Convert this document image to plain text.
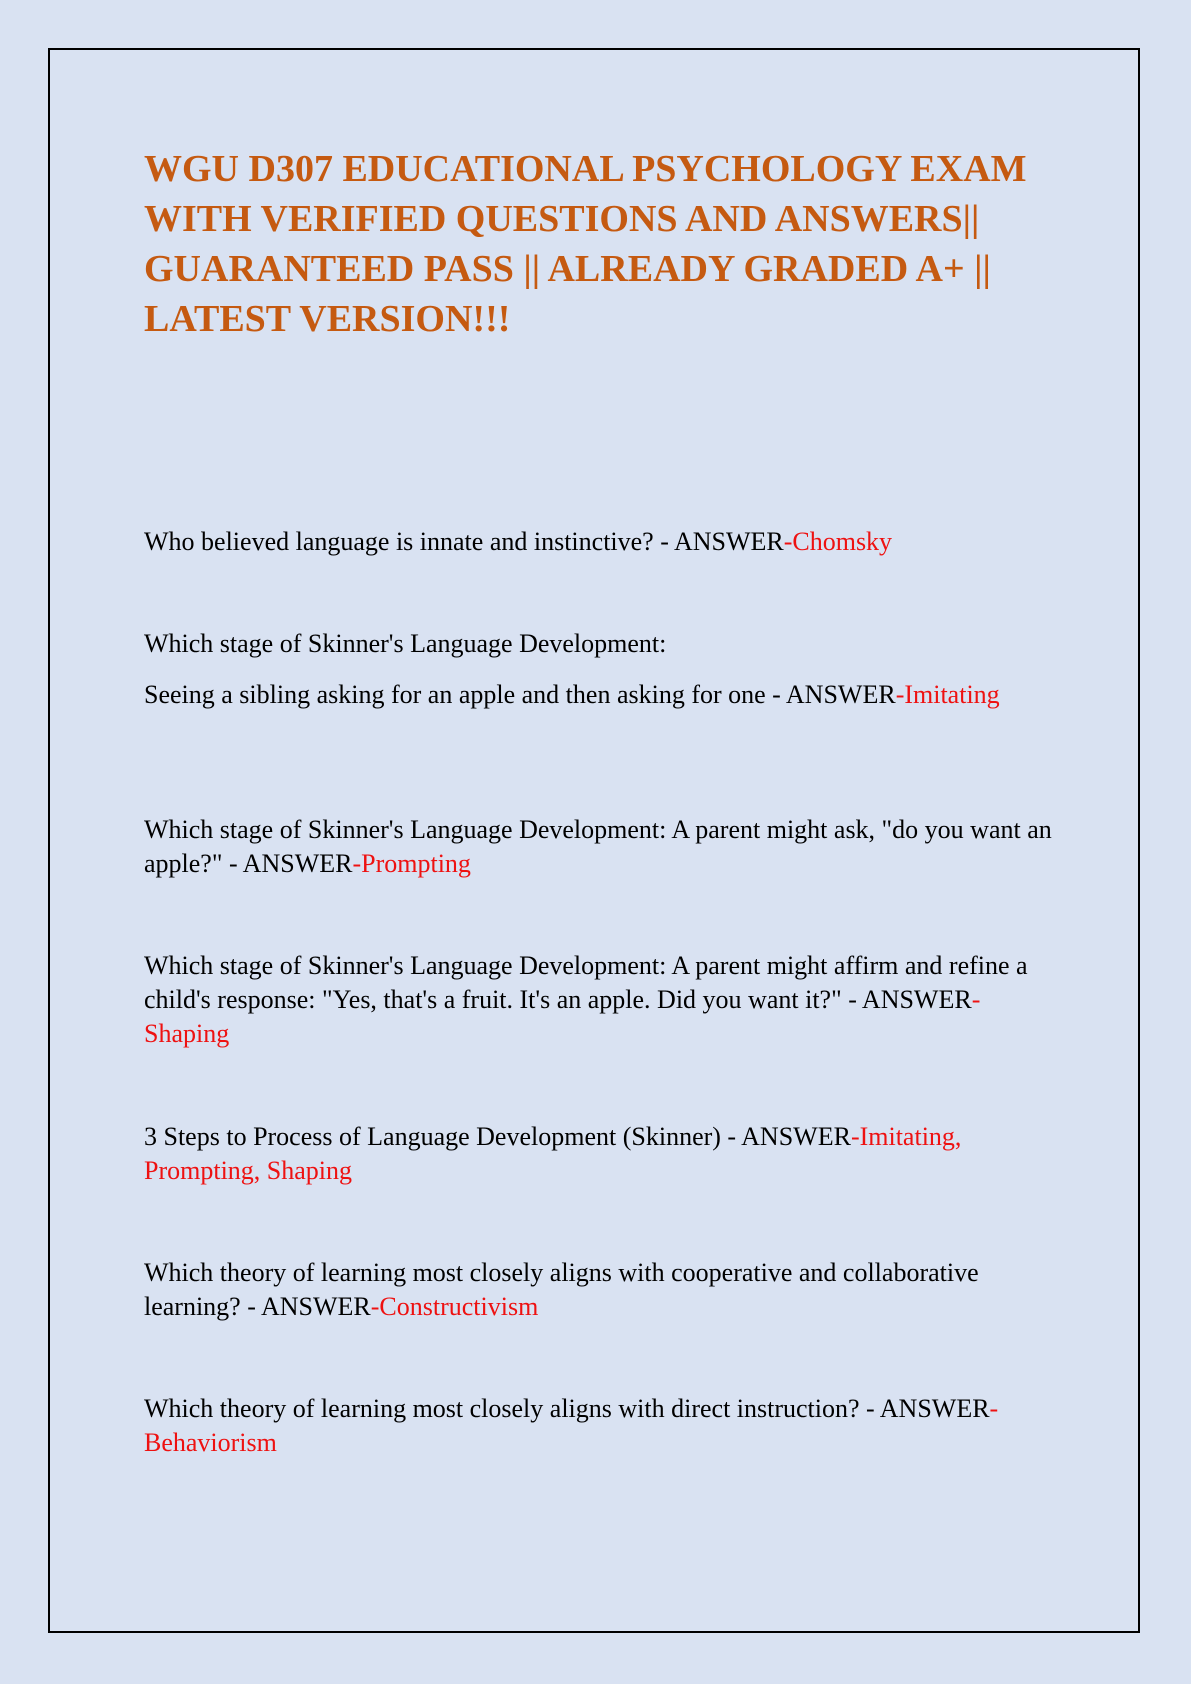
WGU D307 EDUCATIONAL PSYCHOLOGY EXAM WITH VERIFIED QUESTIONS AND ANSWERS|| GUARANTEED PASS || ALREADY GRADED A+ || LATEST VERSION!!!

Who believed language is innate and instinctive? - ANSWER-Chomsky

Which stage of Skinner's Language Development:

Seeing a sibling asking for an apple and then asking for one - ANSWER-Imitating

Which stage of Skinner's Language Development: A parent might ask, "do you want an apple?" - ANSWER-Prompting

Which stage of Skinner's Language Development: A parent might affirm and refine a child's response: "Yes, that's a fruit. It's an apple. Did you want it?" - ANSWER-Shaping

3 Steps to Process of Language Development (Skinner) - ANSWER-Imitating, Prompting, Shaping

Which theory of learning most closely aligns with cooperative and collaborative learning? - ANSWER-Constructivism

Which theory of learning most closely aligns with direct instruction? - ANSWER-Behaviorism
